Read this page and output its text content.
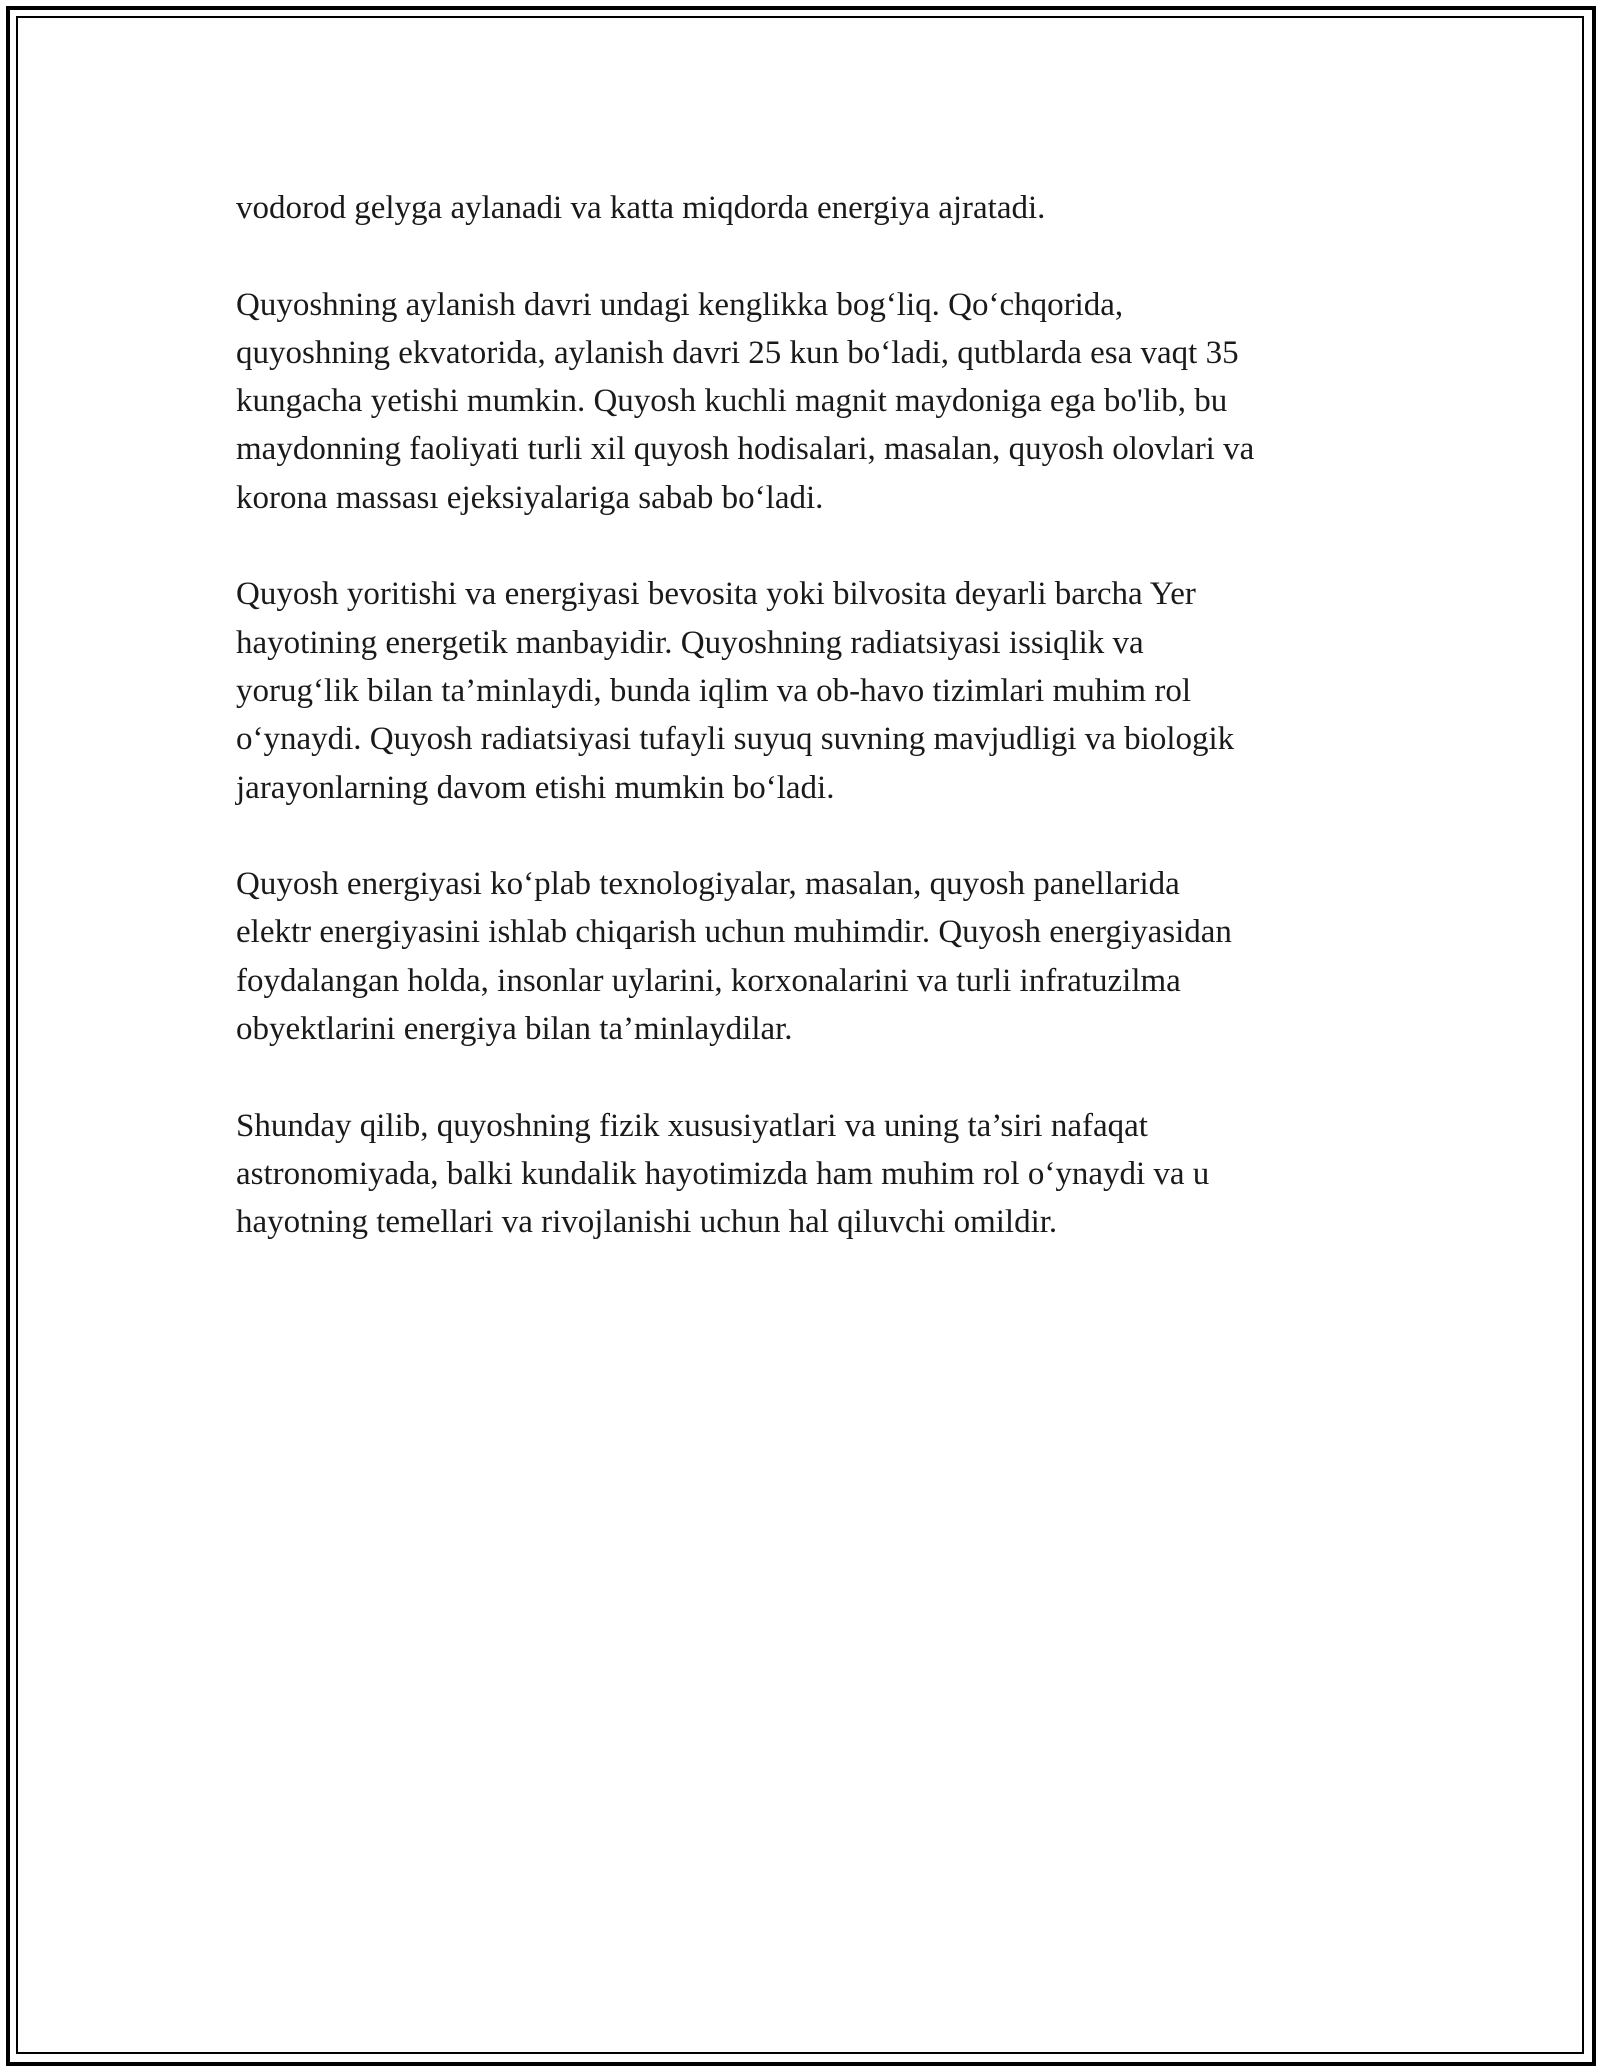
vodorod gelyga aylanadi va katta miqdorda energiya ajratadi.

Quyoshning aylanish davri undagi kenglikka bog‘liq. Qo‘chqorida,
quyoshning ekvatorida, aylanish davri 25 kun bo‘ladi, qutblarda esa vaqt 35
kungacha yetishi mumkin. Quyosh kuchli magnit maydoniga ega bo'lib, bu
maydonning faoliyati turli xil quyosh hodisalari, masalan, quyosh olovlari va
korona massası ejeksiyalariga sabab bo‘ladi.

Quyosh yoritishi va energiyasi bevosita yoki bilvosita deyarli barcha Yer
hayotining energetik manbayidir. Quyoshning radiatsiyasi issiqlik va
yorug‘lik bilan ta’minlaydi, bunda iqlim va ob-havo tizimlari muhim rol
o‘ynaydi. Quyosh radiatsiyasi tufayli suyuq suvning mavjudligi va biologik
jarayonlarning davom etishi mumkin bo‘ladi.

Quyosh energiyasi ko‘plab texnologiyalar, masalan, quyosh panellarida
elektr energiyasini ishlab chiqarish uchun muhimdir. Quyosh energiyasidan
foydalangan holda, insonlar uylarini, korxonalarini va turli infratuzilma
obyektlarini energiya bilan ta’minlaydilar.

Shunday qilib, quyoshning fizik xususiyatlari va uning ta’siri nafaqat
astronomiyada, balki kundalik hayotimizda ham muhim rol o‘ynaydi va u
hayotning temellari va rivojlanishi uchun hal qiluvchi omildir.
